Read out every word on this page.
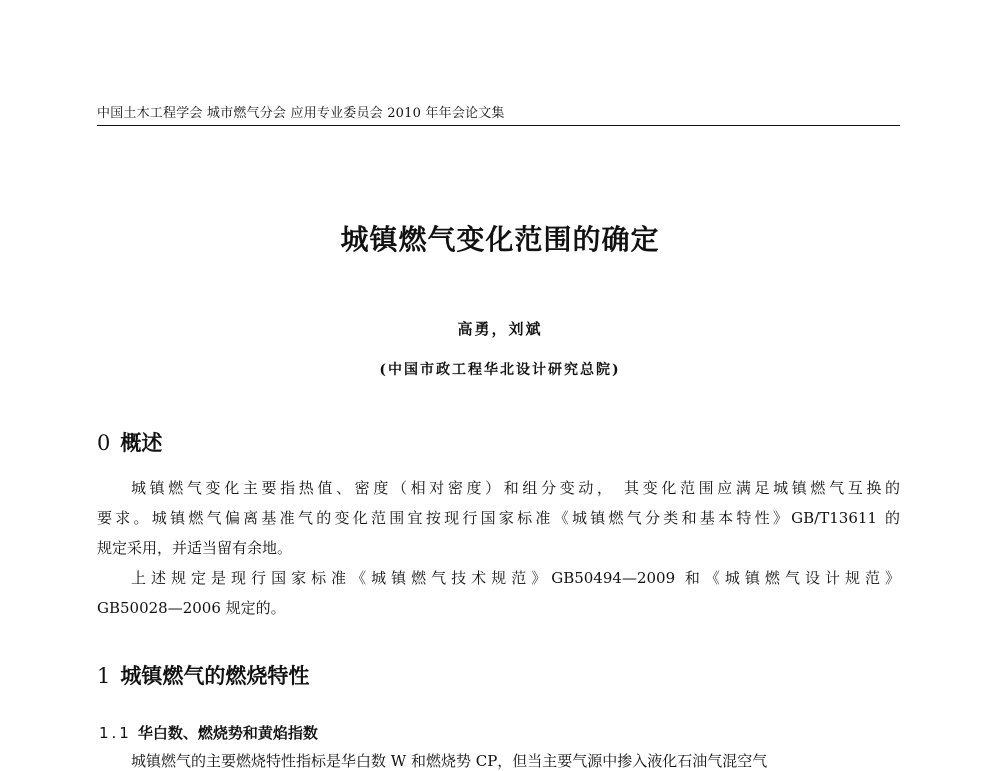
中国土木工程学会 城市燃气分会 应用专业委员会 2010 年年会论文集
城镇燃气变化范围的确定
高勇，刘斌
(中国市政工程华北设计研究总院)
0 概述
城镇燃气变化主要指热值、密度（相对密度）和组分变动， 其变化范围应满足城镇燃气互换的
要求。城镇燃气偏离基准气的变化范围宜按现行国家标准《城镇燃气分类和基本特性》GB/T13611 的
规定采用，并适当留有余地。
上述规定是现行国家标准《城镇燃气技术规范》GB50494—2009 和《城镇燃气设计规范》
GB50028—2006 规定的。
1 城镇燃气的燃烧特性
1.1 华白数、燃烧势和黄焰指数
城镇燃气的主要燃烧特性指标是华白数 W 和燃烧势 CP，但当主要气源中掺入液化石油气混空气
